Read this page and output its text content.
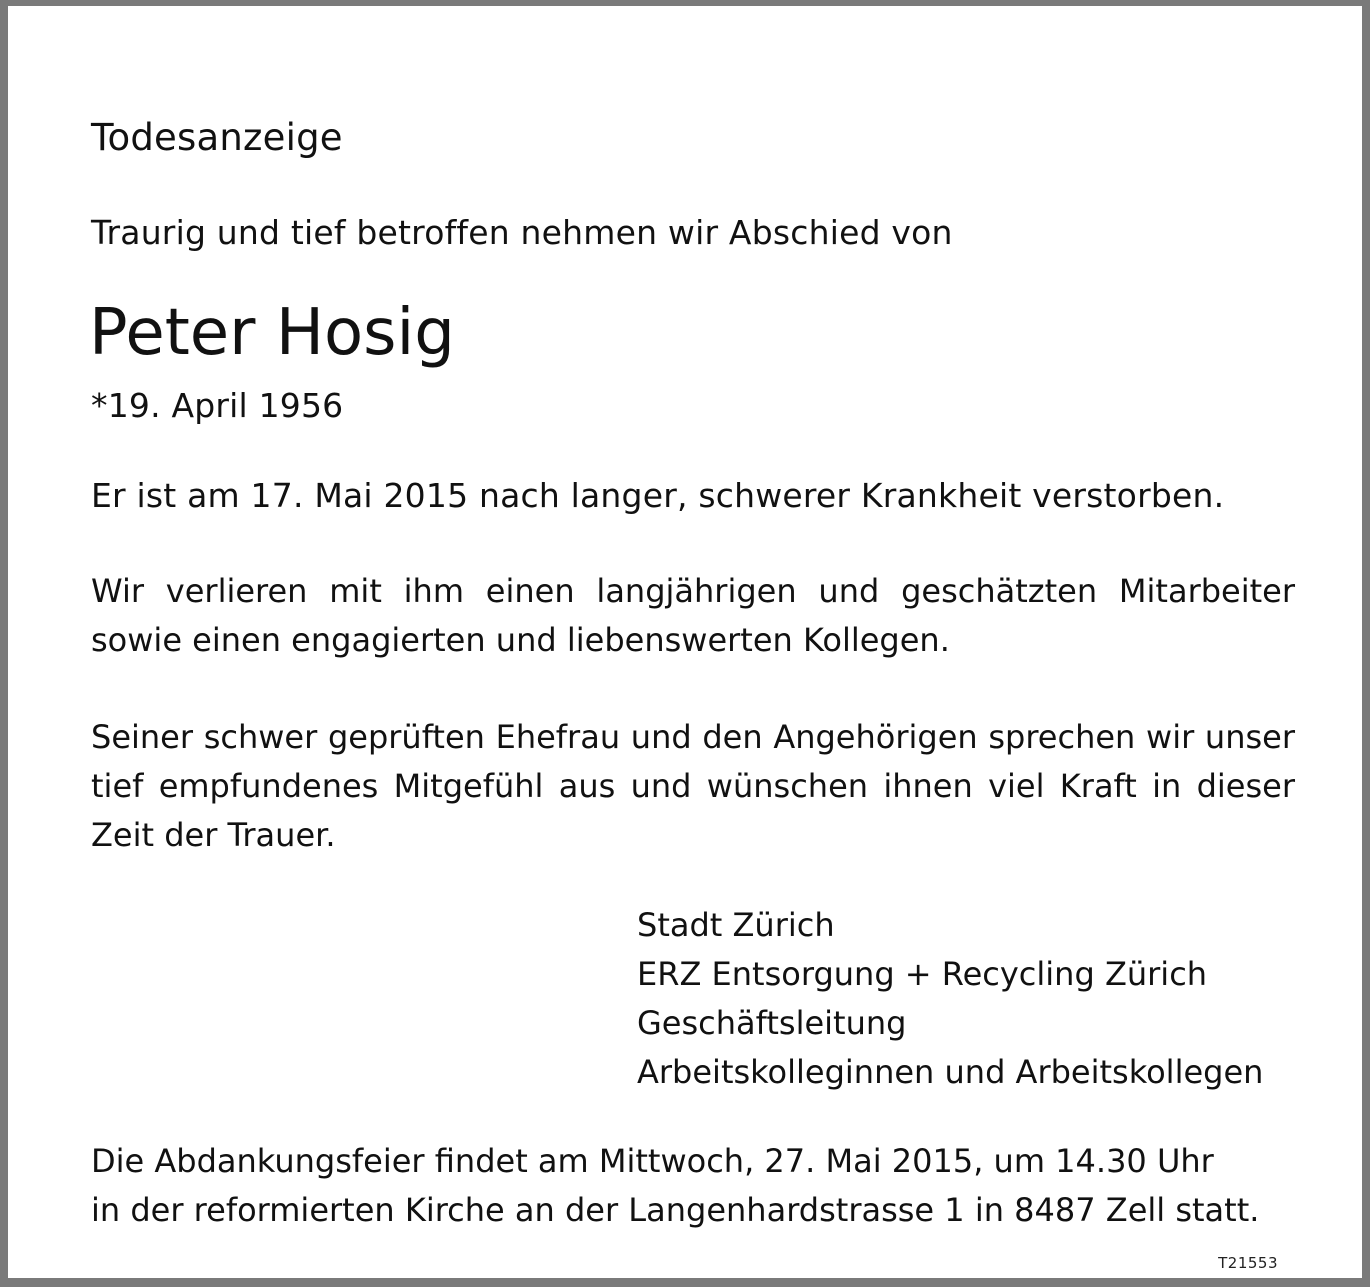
Todesanzeige

Traurig und tief betroffen nehmen wir Abschied von

Peter Hosig

*19. April 1956

Er ist am 17. Mai 2015 nach langer, schwerer Krankheit verstorben.

Wir verlieren mit ihm einen langjährigen und geschätzten Mitarbeiter sowie einen engagierten und liebenswerten Kollegen.

Seiner schwer geprüften Ehefrau und den Angehörigen sprechen wir unser tief empfundenes Mitgefühl aus und wünschen ihnen viel Kraft in dieser Zeit der Trauer.

Stadt Zürich
ERZ Entsorgung + Recycling Zürich
Geschäftsleitung
Arbeitskolleginnen und Arbeitskollegen

Die Abdankungsfeier findet am Mittwoch, 27. Mai 2015, um 14.30 Uhr
in der reformierten Kirche an der Langenhardstrasse 1 in 8487 Zell statt.

T21553
